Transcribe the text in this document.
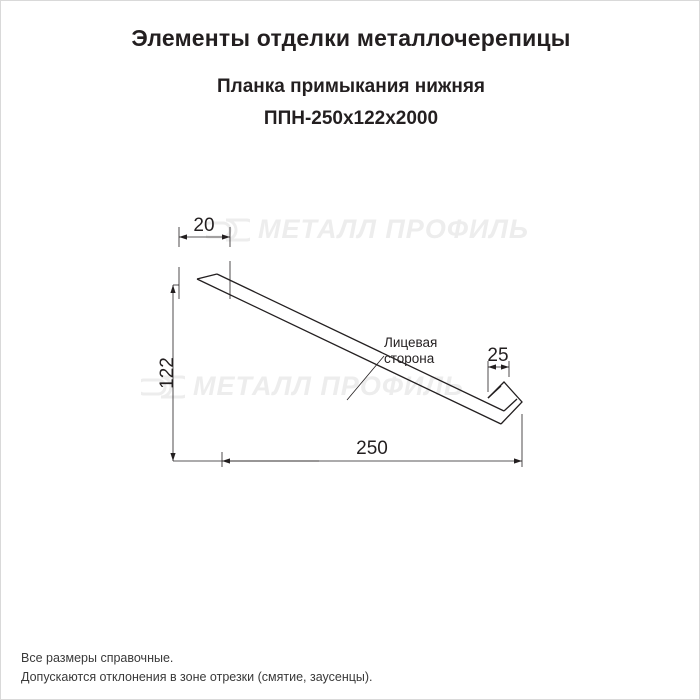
Элементы отделки металлочерепицы
Планка примыкания нижняя
ППН-250x122x2000
МЕТАЛЛ ПРОФИЛЬ
МЕТАЛЛ ПРОФИЛЬ
20
122
250
25
Лицевая
сторона
Все размеры справочные.
Допускаются отклонения в зоне отрезки (смятие, заусенцы).
